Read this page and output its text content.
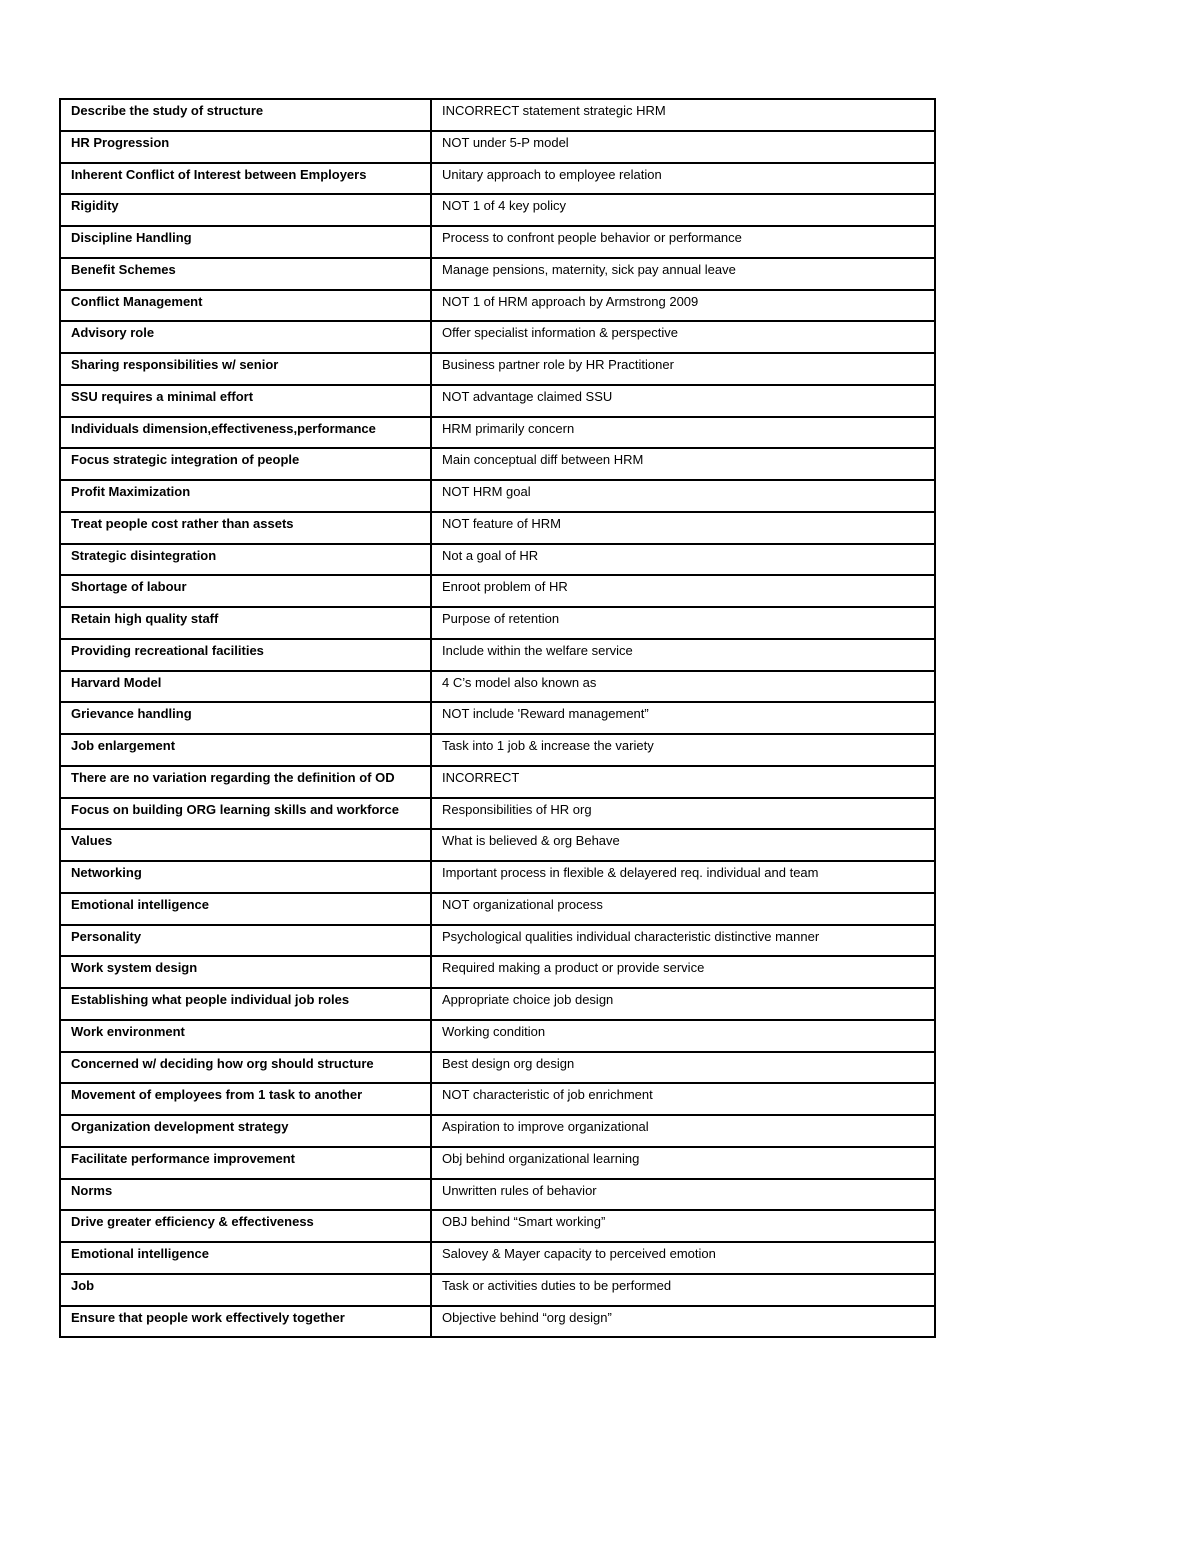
Describe the study of structure	INCORRECT statement strategic HRM
HR Progression	NOT under 5-P model
Inherent Conflict of Interest between Employers	Unitary approach to employee relation
Rigidity	NOT 1 of 4 key policy
Discipline Handling	Process to confront people behavior or performance
Benefit Schemes	Manage pensions, maternity, sick pay annual leave
Conflict Management	NOT 1 of HRM approach by Armstrong 2009
Advisory role	Offer specialist information & perspective
Sharing responsibilities w/ senior	Business partner role by HR Practitioner
SSU requires a minimal effort	NOT advantage claimed SSU
Individuals dimension,effectiveness,performance	HRM primarily concern
Focus strategic integration of people	Main conceptual diff between HRM
Profit Maximization	NOT HRM goal
Treat people cost rather than assets	NOT feature of HRM
Strategic disintegration	Not a goal of HR
Shortage of labour	Enroot problem of HR
Retain high quality staff	Purpose of retention
Providing recreational facilities	Include within the welfare service
Harvard Model	4 C’s model also known as
Grievance handling	NOT include 'Reward management”
Job enlargement	Task into 1 job & increase the variety
There are no variation regarding the definition of OD	INCORRECT
Focus on building ORG learning skills and workforce	Responsibilities of HR org
Values	What is believed & org Behave
Networking	Important process in flexible & delayered req. individual and team
Emotional intelligence	NOT organizational process
Personality	Psychological qualities individual characteristic distinctive manner
Work system design	Required making a product or provide service
Establishing what people individual job roles	Appropriate choice job design
Work environment	Working condition
Concerned w/ deciding how org should structure	Best design org design
Movement of employees from 1 task to another	NOT characteristic of job enrichment
Organization development strategy	Aspiration to improve organizational
Facilitate performance improvement	Obj behind organizational learning
Norms	Unwritten rules of behavior
Drive greater efficiency & effectiveness	OBJ behind “Smart working”
Emotional intelligence	Salovey & Mayer capacity to perceived emotion
Job	Task or activities duties to be performed
Ensure that people work effectively together	Objective behind “org design”
